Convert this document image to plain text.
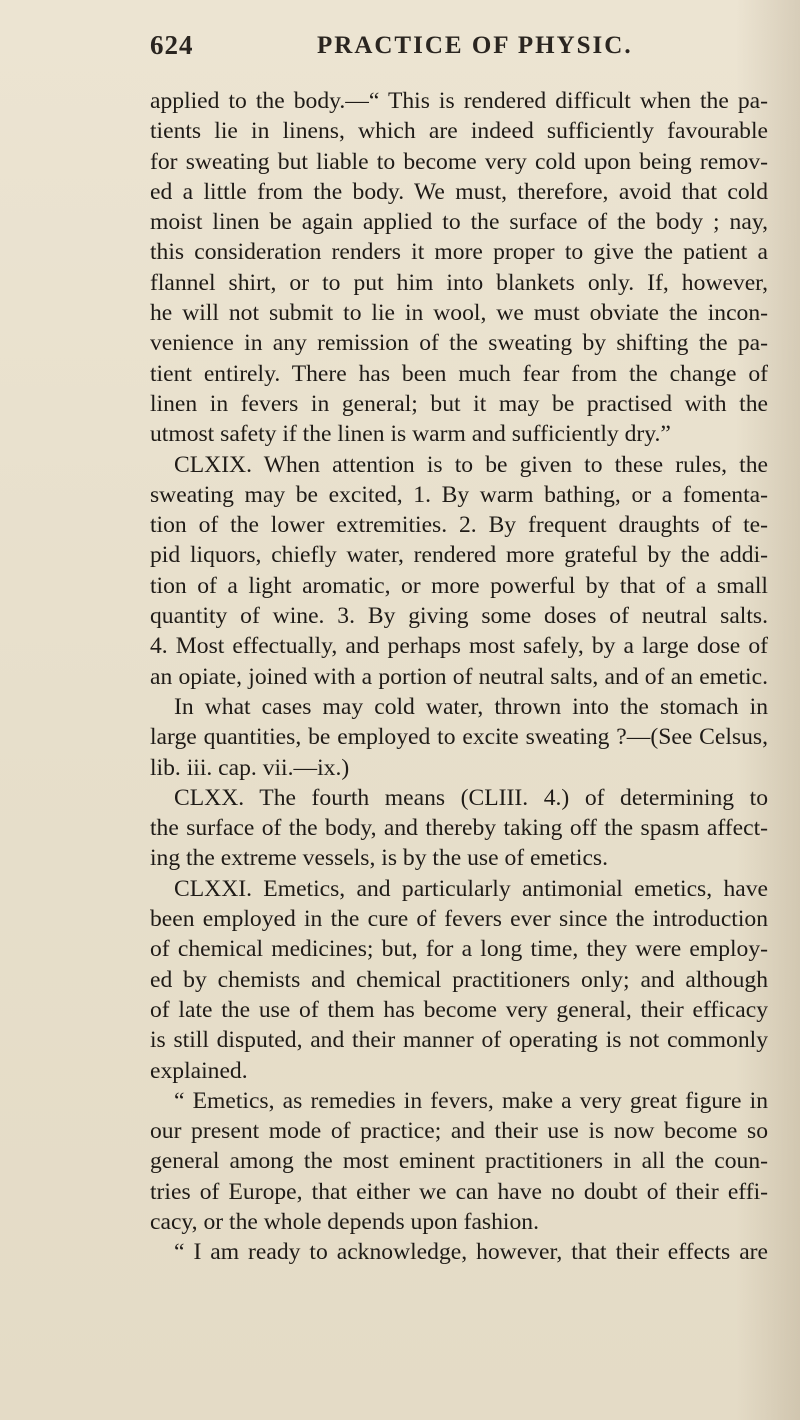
624	PRACTICE OF PHYSIC.
applied to the body.—“ This is rendered difficult when the pa-
tients lie in linens, which are indeed sufficiently favourable
for sweating but liable to become very cold upon being remov-
ed a little from the body. We must, therefore, avoid that cold
moist linen be again applied to the surface of the body ; nay,
this consideration renders it more proper to give the patient a
flannel shirt, or to put him into blankets only. If, however,
he will not submit to lie in wool, we must obviate the incon-
venience in any remission of the sweating by shifting the pa-
tient entirely. There has been much fear from the change of
linen in fevers in general; but it may be practised with the
utmost safety if the linen is warm and sufficiently dry.”
CLXIX. When attention is to be given to these rules, the
sweating may be excited, 1. By warm bathing, or a fomenta-
tion of the lower extremities. 2. By frequent draughts of te-
pid liquors, chiefly water, rendered more grateful by the addi-
tion of a light aromatic, or more powerful by that of a small
quantity of wine. 3. By giving some doses of neutral salts.
4. Most effectually, and perhaps most safely, by a large dose of
an opiate, joined with a portion of neutral salts, and of an emetic.
In what cases may cold water, thrown into the stomach in
large quantities, be employed to excite sweating ?—(See Celsus,
lib. iii. cap. vii.—ix.)
CLXX. The fourth means (CLIII. 4.) of determining to
the surface of the body, and thereby taking off the spasm affect-
ing the extreme vessels, is by the use of emetics.
CLXXI. Emetics, and particularly antimonial emetics, have
been employed in the cure of fevers ever since the introduction
of chemical medicines; but, for a long time, they were employ-
ed by chemists and chemical practitioners only; and although
of late the use of them has become very general, their efficacy
is still disputed, and their manner of operating is not commonly
explained.
“ Emetics, as remedies in fevers, make a very great figure in
our present mode of practice; and their use is now become so
general among the most eminent practitioners in all the coun-
tries of Europe, that either we can have no doubt of their effi-
cacy, or the whole depends upon fashion.
“ I am ready to acknowledge, however, that their effects are
